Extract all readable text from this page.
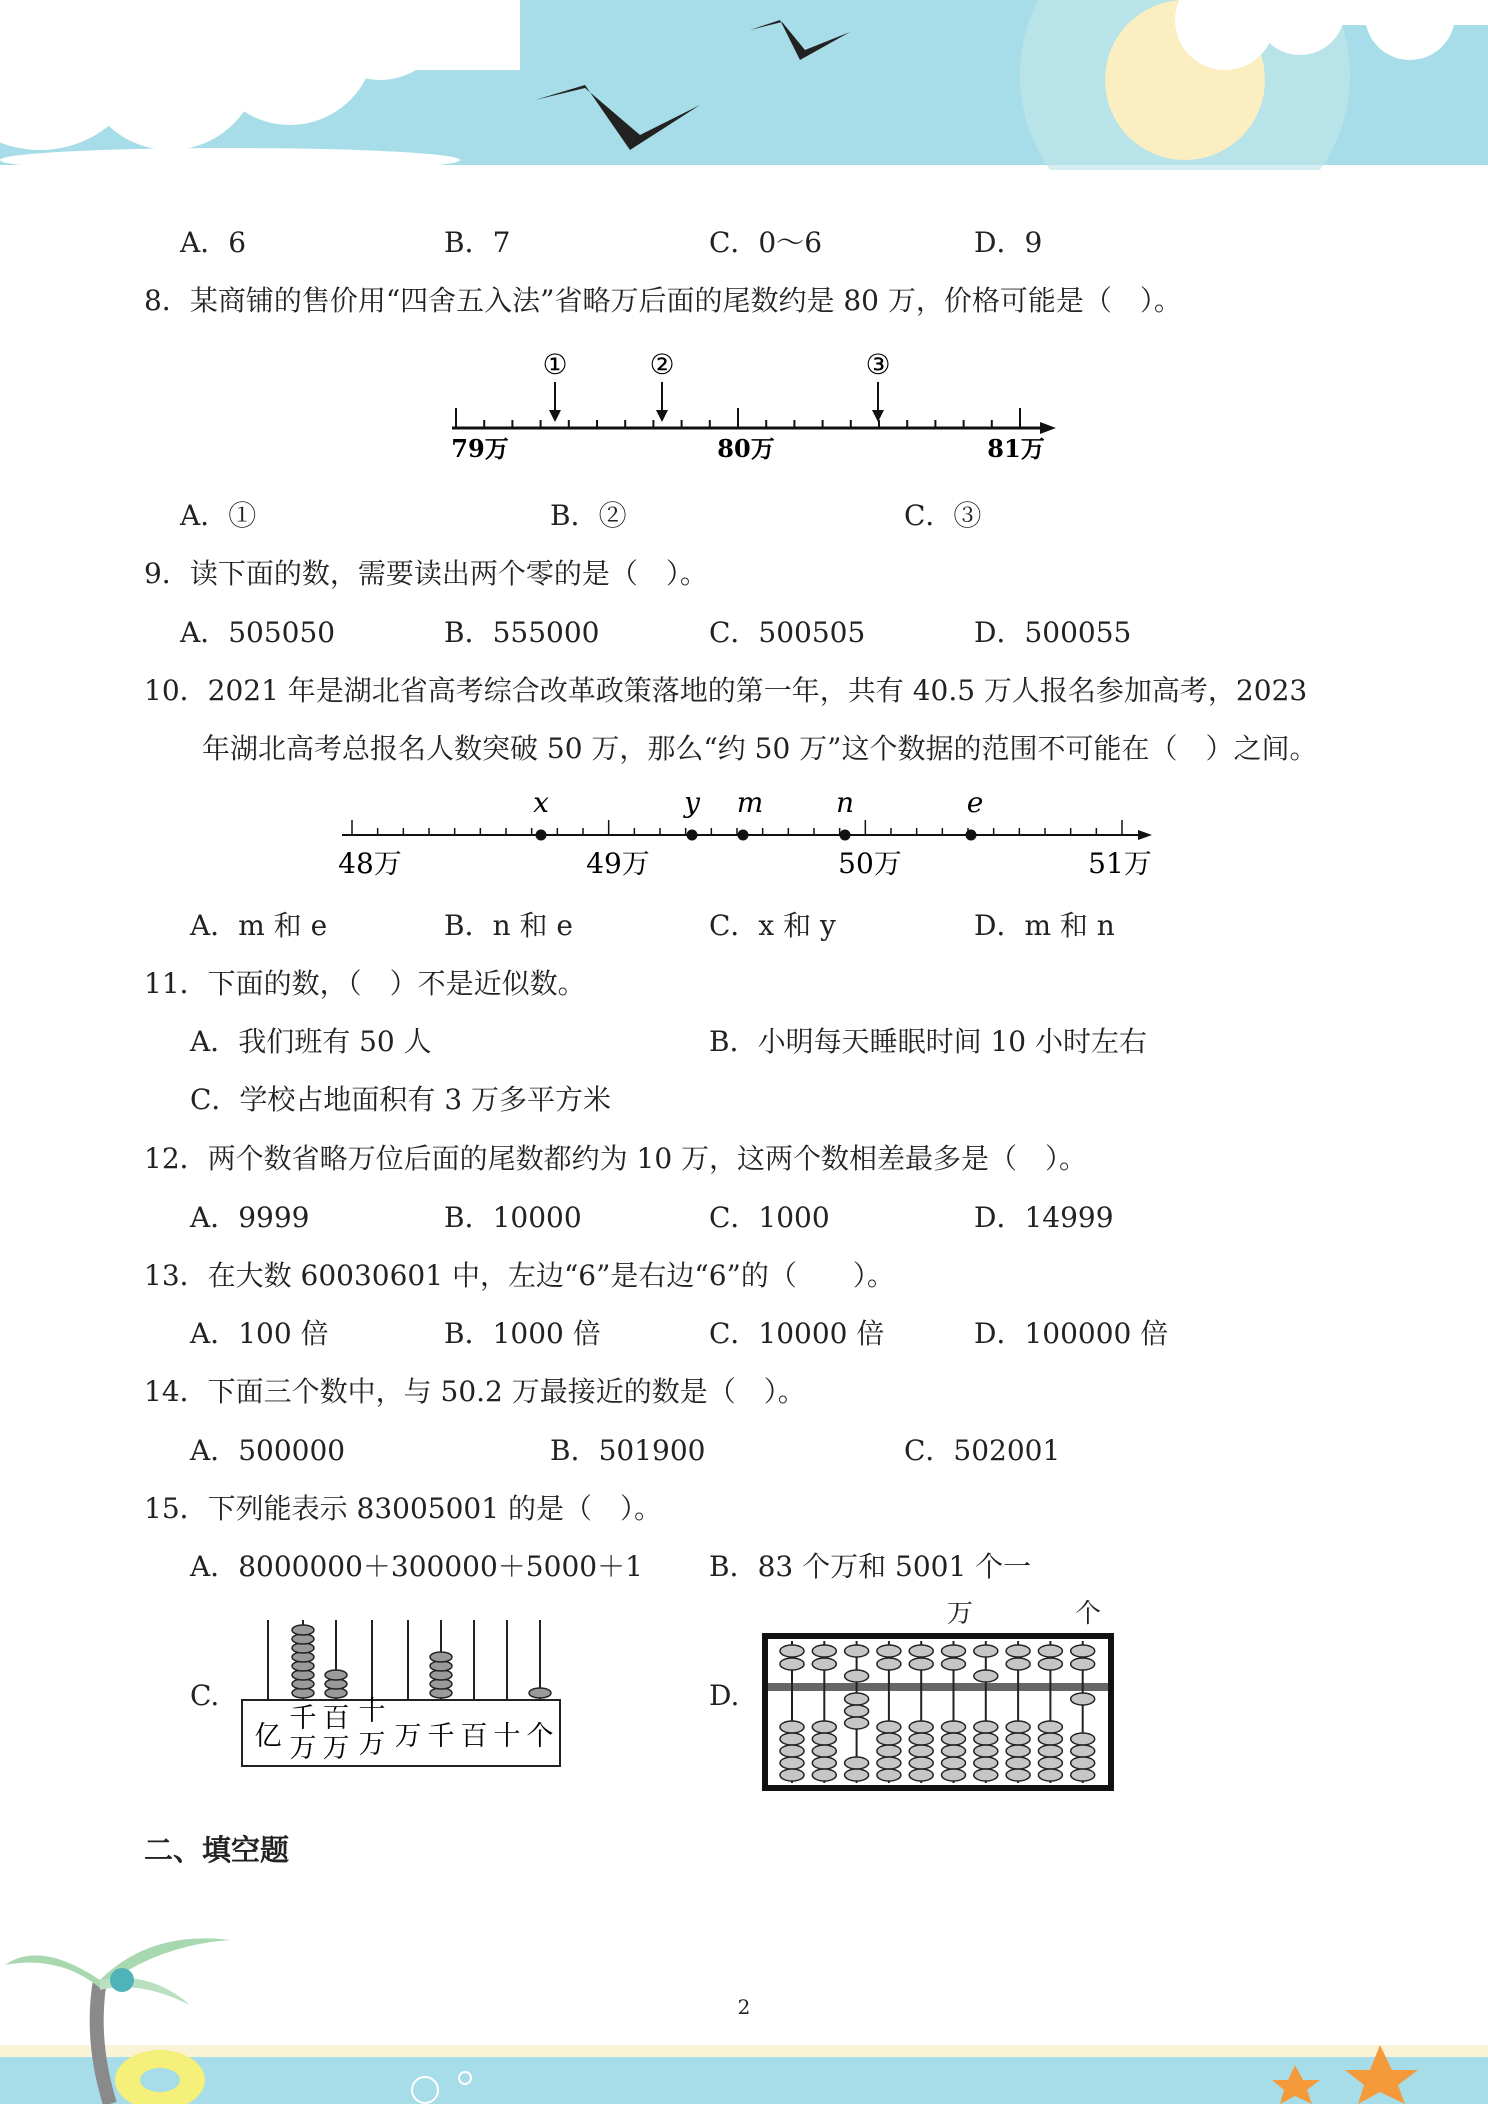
A．6	B．7	C．0～6	D．9
8．某商铺的售价用“四舍五入法”省略万后面的尾数约是 80 万，价格可能是（　）。
①	②	③
79万	80万	81万
A．①	B．②	C．③
9．读下面的数，需要读出两个零的是（　）。
A．505050	B．555000	C．500505	D．500055
10．2021 年是湖北省高考综合改革政策落地的第一年，共有 40.5 万人报名参加高考，2023
年湖北高考总报名人数突破 50 万，那么“约 50 万”这个数据的范围不可能在（　）之间。
x	y m	n	e
48万	49万	50万	51万
A．m 和 e	B．n 和 e	C．x 和 y	D．m 和 n
11．下面的数，（　）不是近似数。
A．我们班有 50 人	B．小明每天睡眠时间 10 小时左右
C．学校占地面积有 3 万多平方米
12．两个数省略万位后面的尾数都约为 10 万，这两个数相差最多是（　）。
A．9999	B．10000	C．1000	D．14999
13．在大数 60030601 中，左边“6”是右边“6”的（　　）。
A．100 倍	B．1000 倍	C．10000 倍	D．100000 倍
14．下面三个数中，与 50.2 万最接近的数是（　）。
A．500000	B．501900	C．502001
15．下列能表示 83005001 的是（　）。
A．8000000＋300000＋5000＋1 B．83 个万和 5001 个一
C.
亿
千
万
百
万
十
万 万 千 百 十 个
D.
万	个
二、填空题
2
